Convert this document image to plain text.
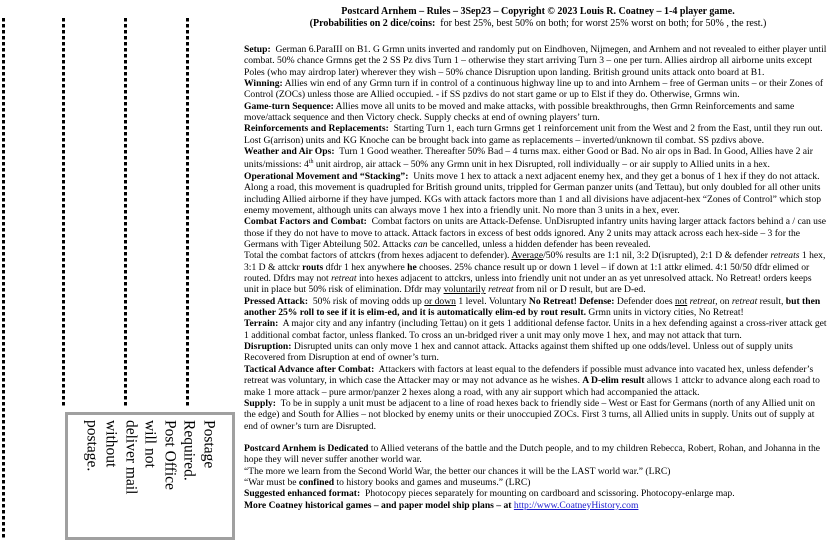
Postage
Required.
Post Office
will not
deliver mail
without
postage.
Postcard Arnhem – Rules – 3Sep23 – Copyright © 2023 Louis R. Coatney – 1-4 player game.
(Probabilities on 2 dice/coins: for best 25%, best 50% on both; for worst 25% worst on both; for 50% , the rest.)

Setup: German 6.ParaIII on B1. G Grmn units inverted and randomly put on Eindhoven, Nijmegen, and Arnhem and not revealed to either player until combat. 50% chance Grmns get the 2 SS Pz divs Turn 1 – otherwise they start arriving Turn 3 – one per turn. Allies airdrop all airborne units except Poles (who may airdrop later) wherever they wish – 50% chance Disruption upon landing. British ground units attack onto board at B1.

Winning: Allies win end of any Grmn turn if in control of a continuous highway line up to and into Arnhem – free of German units – or their Zones of Control (ZOCs) unless those are Allied occupied. - if SS pzdivs do not start game or up to Elst if they do. Otherwise, Grmns win.

Game-turn Sequence: Allies move all units to be moved and make attacks, with possible breakthroughs, then Grmn Reinforcements and same move/attack sequence and then Victory check. Supply checks at end of owning players’ turn.

Reinforcements and Replacements: Starting Turn 1, each turn Grmns get 1 reinforcement unit from the West and 2 from the East, until they run out. Lost G(arrison) units and KG Knoche can be brought back into game as replacements – inverted/unknown til combat. SS pzdivs above.

Weather and Air Ops: Turn 1 Good weather. Thereafter 50% Bad – 4 turns max. either Good or Bad. No air ops in Bad. In Good, Allies have 2 air units/missions: 4th unit airdrop, air attack – 50% any Grmn unit in hex Disrupted, roll individually – or air supply to Allied units in a hex.

Operational Movement and “Stacking”: Units move 1 hex to attack a next adjacent enemy hex, and they get a bonus of 1 hex if they do not attack. Along a road, this movement is quadrupled for British ground units, trippled for German panzer units (and Tettau), but only doubled for all other units including Allied airborne if they have jumped. KGs with attack factors more than 1 and all divisions have adjacent-hex “Zones of Control” which stop enemy movement, although units can always move 1 hex into a friendly unit. No more than 3 units in a hex, ever.

Combat Factors and Combat: Combat factors on units are Attack-Defense. UnDisrupted infantry units having larger attack factors behind a / can use those if they do not have to move to attack. Attack factors in excess of best odds ignored. Any 2 units may attack across each hex-side – 3 for the Germans with Tiger Abteilung 502. Attacks can be cancelled, unless a hidden defender has been revealed.

Total the combat factors of attckrs (from hexes adjacent to defender). Average/50% results are 1:1 nil, 3:2 D(isrupted), 2:1 D & defender retreats 1 hex, 3:1 D & attckr routs dfdr 1 hex anywhere he chooses. 25% chance result up or down 1 level – if down at 1:1 attkr elimed. 4:1 50/50 dfdr elimed or routed. Dfdrs may not retreat into hexes adjacent to attckrs, unless into friendly unit not under an as yet unresolved attack. No Retreat! orders keeps unit in place but 50% risk of elimination. Dfdr may voluntarily retreat from nil or D result, but are D-ed.

Pressed Attack: 50% risk of moving odds up or down 1 level. Voluntary No Retreat! Defense: Defender does not retreat, on retreat result, but then another 25% roll to see if it is elim-ed, and it is automatically elim-ed by rout result. Grmn units in victory cities, No Retreat!

Terrain: A major city and any infantry (including Tettau) on it gets 1 additional defense factor. Units in a hex defending against a cross-river attack get 1 additional combat factor, unless flanked. To cross an un-bridged river a unit may only move 1 hex, and may not attack that turn.

Disruption: Disrupted units can only move 1 hex and cannot attack. Attacks against them shifted up one odds/level. Unless out of supply units Recovered from Disruption at end of owner’s turn.

Tactical Advance after Combat: Attackers with factors at least equal to the defenders if possible must advance into vacated hex, unless defender’s retreat was voluntary, in which case the Attacker may or may not advance as he wishes. A D-elim result allows 1 attckr to advance along each road to make 1 more attack – pure armor/panzer 2 hexes along a road, with any air support which had accompanied the attack.

Supply: To be in supply a unit must be adjacent to a line of road hexes back to friendly side – West or East for Germans (north of any Allied unit on the edge) and South for Allies – not blocked by enemy units or their unoccupied ZOCs. First 3 turns, all Allied units in supply. Units out of supply at end of owner’s turn are Disrupted.

Postcard Arnhem is Dedicated to Allied veterans of the battle and the Dutch people, and to my children Rebecca, Robert, Rohan, and Johanna in the hope they will never suffer another world war.

“The more we learn from the Second World War, the better our chances it will be the LAST world war.” (LRC)

“War must be confined to history books and games and museums.” (LRC)

Suggested enhanced format: Photocopy pieces separately for mounting on cardboard and scissoring. Photocopy-enlarge map.

More Coatney historical games – and paper model ship plans – at http://www.CoatneyHistory.com
